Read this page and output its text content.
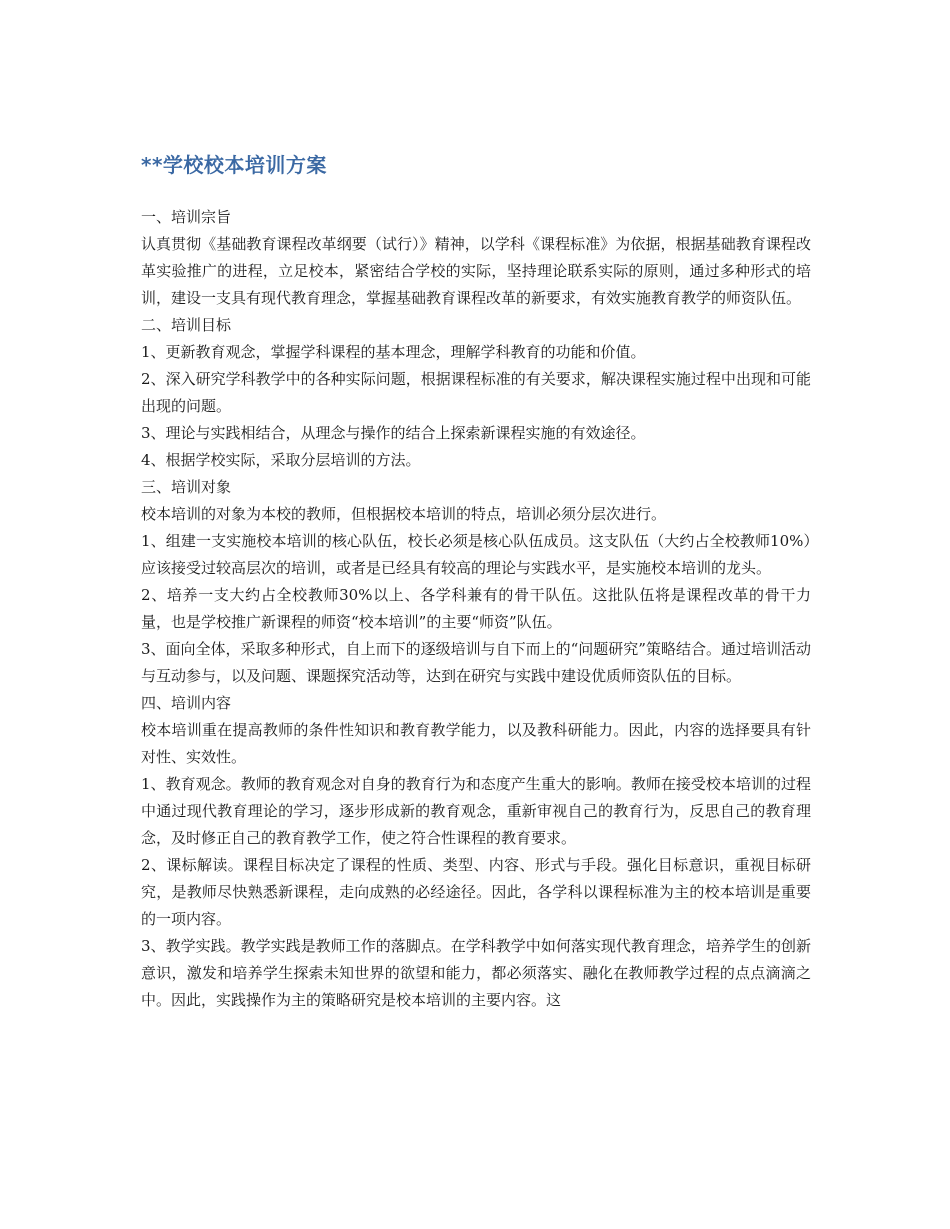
**学校校本培训方案

一、培训宗旨

认真贯彻《基础教育课程改革纲要（试行）》精神，以学科《课程标准》为依据，根据基础教育课程改革实验推广的进程，立足校本，紧密结合学校的实际，坚持理论联系实际的原则，通过多种形式的培训，建设一支具有现代教育理念，掌握基础教育课程改革的新要求，有效实施教育教学的师资队伍。

二、培训目标

1、更新教育观念，掌握学科课程的基本理念，理解学科教育的功能和价值。

2、深入研究学科教学中的各种实际问题，根据课程标准的有关要求，解决课程实施过程中出现和可能出现的问题。

3、理论与实践相结合，从理念与操作的结合上探索新课程实施的有效途径。

4、根据学校实际，采取分层培训的方法。

三、培训对象

校本培训的对象为本校的教师，但根据校本培训的特点，培训必须分层次进行。

1、组建一支实施校本培训的核心队伍，校长必须是核心队伍成员。这支队伍（大约占全校教师10%）应该接受过较高层次的培训，或者是已经具有较高的理论与实践水平，是实施校本培训的龙头。

2、培养一支大约占全校教师30%以上、各学科兼有的骨干队伍。这批队伍将是课程改革的骨干力量，也是学校推广新课程的师资“校本培训”的主要“师资”队伍。

3、面向全体，采取多种形式，自上而下的逐级培训与自下而上的“问题研究”策略结合。通过培训活动与互动参与，以及问题、课题探究活动等，达到在研究与实践中建设优质师资队伍的目标。

四、培训内容

校本培训重在提高教师的条件性知识和教育教学能力，以及教科研能力。因此，内容的选择要具有针对性、实效性。

1、教育观念。教师的教育观念对自身的教育行为和态度产生重大的影响。教师在接受校本培训的过程中通过现代教育理论的学习，逐步形成新的教育观念，重新审视自己的教育行为，反思自己的教育理念，及时修正自己的教育教学工作，使之符合性课程的教育要求。

2、课标解读。课程目标决定了课程的性质、类型、内容、形式与手段。强化目标意识，重视目标研究，是教师尽快熟悉新课程，走向成熟的必经途径。因此，各学科以课程标准为主的校本培训是重要的一项内容。

3、教学实践。教学实践是教师工作的落脚点。在学科教学中如何落实现代教育理念，培养学生的创新意识，激发和培养学生探索未知世界的欲望和能力，都必须落实、融化在教师教学过程的点点滴滴之中。因此，实践操作为主的策略研究是校本培训的主要内容。这
